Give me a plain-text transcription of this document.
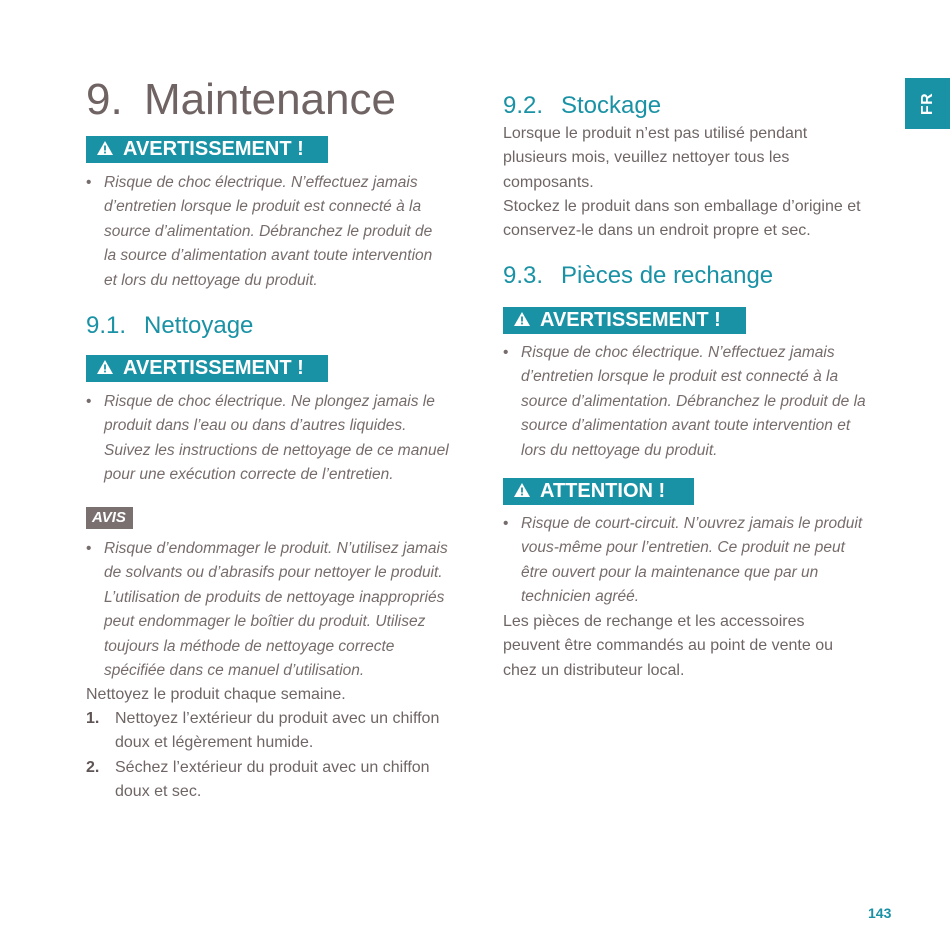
FR
9. Maintenance
AVERTISSEMENT !
• Risque de choc électrique. N’effectuez jamais d’entretien lorsque le produit est connecté à la source d’alimentation. Débranchez le produit de la source d’alimentation avant toute intervention et lors du nettoyage du produit.
9.1. Nettoyage
AVERTISSEMENT !
• Risque de choc électrique. Ne plongez jamais le produit dans l’eau ou dans d’autres liquides. Suivez les instructions de nettoyage de ce manuel pour une exécution correcte de l’entretien.
AVIS
• Risque d’endommager le produit. N’utilisez jamais de solvants ou d’abrasifs pour nettoyer le produit. L’utilisation de produits de nettoyage inappropriés peut endommager le boîtier du produit. Utilisez toujours la méthode de nettoyage correcte spécifiée dans ce manuel d’utilisation.

Nettoyez le produit chaque semaine.

1. Nettoyez l’extérieur du produit avec un chiffon doux et légèrement humide.
2. Séchez l’extérieur du produit avec un chiffon doux et sec.
9.2. Stockage

Lorsque le produit n’est pas utilisé pendant plusieurs mois, veuillez nettoyer tous les composants.

Stockez le produit dans son emballage d’origine et conservez-le dans un endroit propre et sec.

9.3. Pièces de rechange
AVERTISSEMENT !
• Risque de choc électrique. N’effectuez jamais d’entretien lorsque le produit est connecté à la source d’alimentation. Débranchez le produit de la source d’alimentation avant toute intervention et lors du nettoyage du produit.
ATTENTION !
• Risque de court-circuit. N’ouvrez jamais le produit vous-même pour l’entretien. Ce produit ne peut être ouvert pour la maintenance que par un technicien agréé.

Les pièces de rechange et les accessoires peuvent être commandés au point de vente ou chez un distributeur local.

143
